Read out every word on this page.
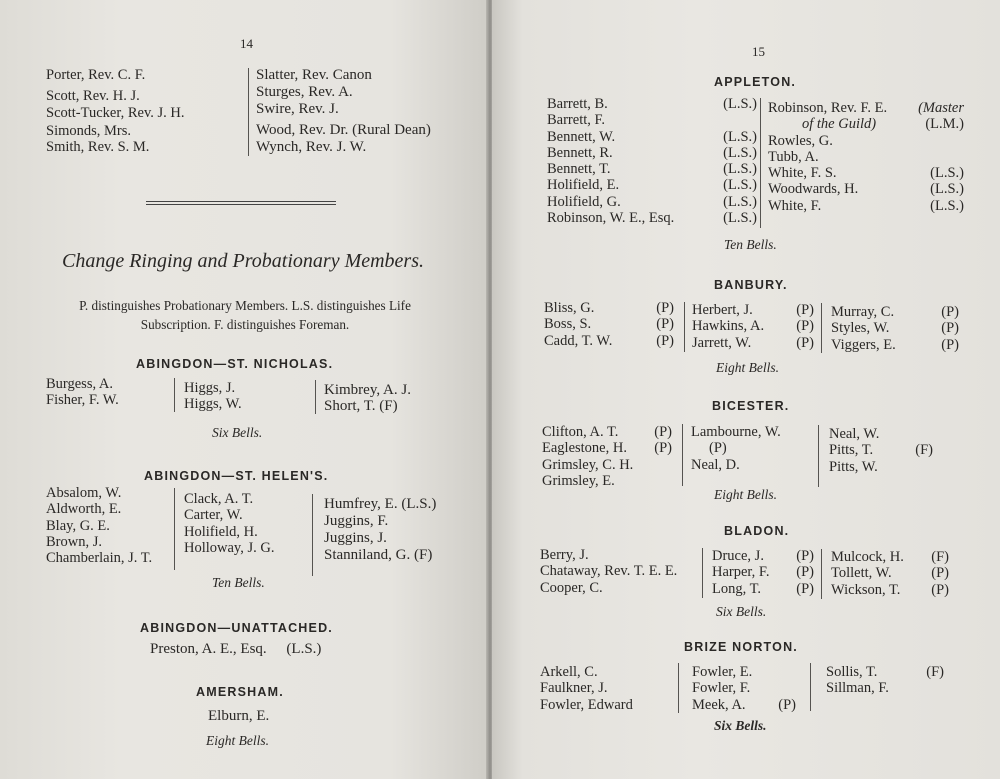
14
Porter, Rev. C. F.
Scott, Rev. H. J.
Scott-Tucker, Rev. J. H.
Simonds, Mrs.
Smith, Rev. S. M.
Slatter, Rev. Canon
Sturges, Rev. A.
Swire, Rev. J.
Wood, Rev. Dr. (Rural Dean)
Wynch, Rev. J. W.
Change Ringing and Probationary Members.
P. distinguishes Probationary Members. L.S. distinguishes Life
Subscription. F. distinguishes Foreman.
ABINGDON—ST. NICHOLAS.
Burgess, A.
Fisher, F. W.
Higgs, J.
Higgs, W.
Kimbrey, A. J.
Short, T. (F)
Six Bells.
ABINGDON—ST. HELEN'S.
Absalom, W.
Aldworth, E.
Blay, G. E.
Brown, J.
Chamberlain, J. T.
Clack, A. T.
Carter, W.
Holifield, H.
Holloway, J. G.
Humfrey, E. (L.S.)
Juggins, F.
Juggins, J.
Stanniland, G. (F)
Ten Bells.
ABINGDON—UNATTACHED.
Preston, A. E., Esq. (L.S.)
AMERSHAM.
Elburn, E.
Eight Bells.
15
APPLETON.
Barrett, B.	(L.S.)
Barrett, F.
Bennett, W.	(L.S.)
Bennett, R.	(L.S.)
Bennett, T.	(L.S.)
Holifield, E.	(L.S.)
Holifield, G.	(L.S.)
Robinson, W. E., Esq.	(L.S.)
Robinson, Rev. F. E. (Master
of the Guild)	(L.M.)
Rowles, G.
Tubb, A.
White, F. S.	(L.S.)
Woodwards, H.	(L.S.)
White, F.	(L.S.)
Ten Bells.
BANBURY.
Bliss, G.	(P)
Boss, S.	(P)
Cadd, T. W.	(P)
Herbert, J.	(P)
Hawkins, A. (P)
Jarrett, W.	(P)
Murray, C.	(P)
Styles, W.	(P)
Viggers, E.	(P)
Eight Bells.
BICESTER.
Clifton, A. T. (P)
Eaglestone, H. (P)
Grimsley, C. H.
Grimsley, E.
Lambourne, W.
(P)
Neal, D.
Neal, W.
Pitts, T.	(F)
Pitts, W.
Eight Bells.
BLADON.
Berry, J.
Chataway, Rev. T. E. E.
Cooper, C.
Druce, J. (P)
Harper, F. (P)
Long, T. (P)
Mulcock, H. (F)
Tollett, W.	(P)
Wickson, T. (P)
Six Bells.
BRIZE NORTON.
Arkell, C.
Faulkner, J.
Fowler, Edward
Fowler, E.
Fowler, F.
Meek, A. (P)
Sollis, T.	(F)
Sillman, F.
Six Bells.
